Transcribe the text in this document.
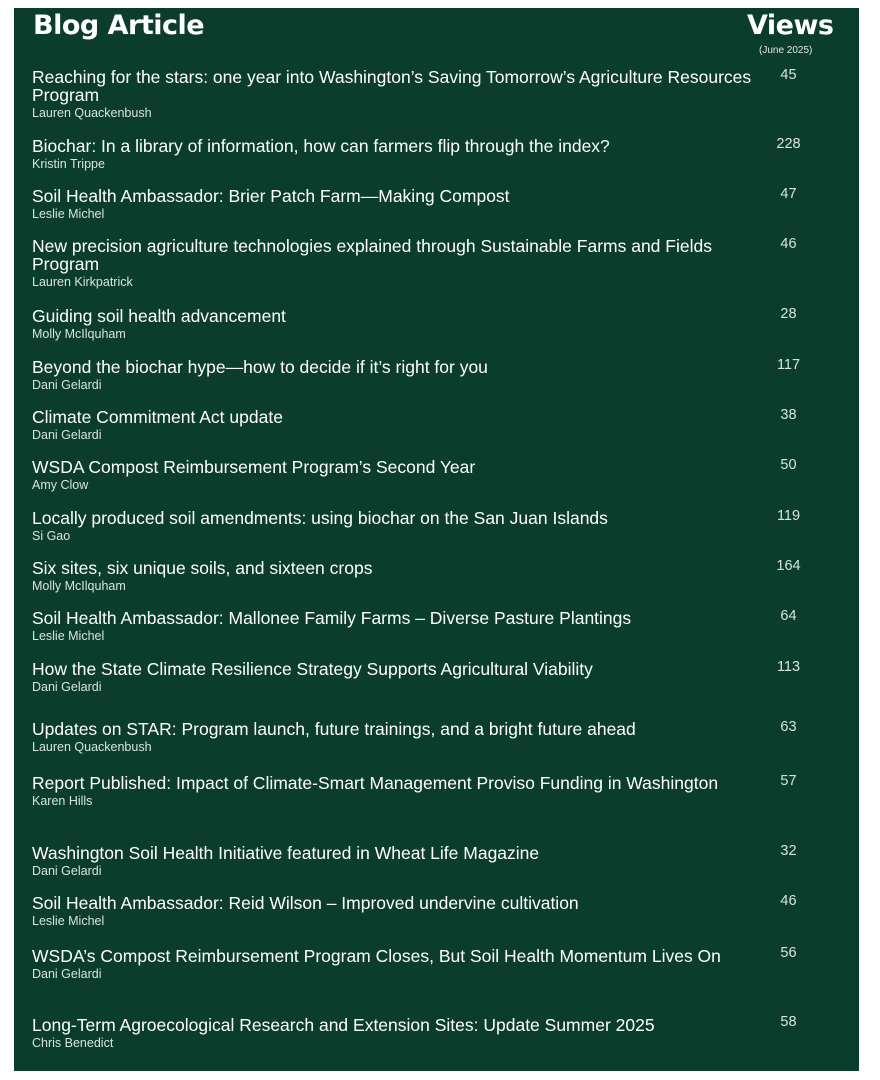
Blog Article	Views
(June 2025)
Reaching for the stars: one year into Washington’s Saving Tomorrow’s Agriculture Resources Program
Lauren Quackenbush
45
Biochar: In a library of information, how can farmers flip through the index?
Kristin Trippe
228
Soil Health Ambassador: Brier Patch Farm—Making Compost
Leslie Michel
47
New precision agriculture technologies explained through Sustainable Farms and Fields Program
Lauren Kirkpatrick
46
Guiding soil health advancement
Molly McIlquham
28
Beyond the biochar hype—how to decide if it’s right for you
Dani Gelardi
117
Climate Commitment Act update
Dani Gelardi
38
WSDA Compost Reimbursement Program’s Second Year
Amy Clow
50
Locally produced soil amendments: using biochar on the San Juan Islands
Si Gao
119
Six sites, six unique soils, and sixteen crops
Molly McIlquham
164
Soil Health Ambassador: Mallonee Family Farms – Diverse Pasture Plantings
Leslie Michel
64
How the State Climate Resilience Strategy Supports Agricultural Viability
Dani Gelardi
113
Updates on STAR: Program launch, future trainings, and a bright future ahead
Lauren Quackenbush
63
Report Published: Impact of Climate-Smart Management Proviso Funding in Washington
Karen Hills
57
Washington Soil Health Initiative featured in Wheat Life Magazine
Dani Gelardi
32
Soil Health Ambassador: Reid Wilson – Improved undervine cultivation
Leslie Michel
46
WSDA’s Compost Reimbursement Program Closes, But Soil Health Momentum Lives On
Dani Gelardi
56
Long-Term Agroecological Research and Extension Sites: Update Summer 2025
Chris Benedict
58
